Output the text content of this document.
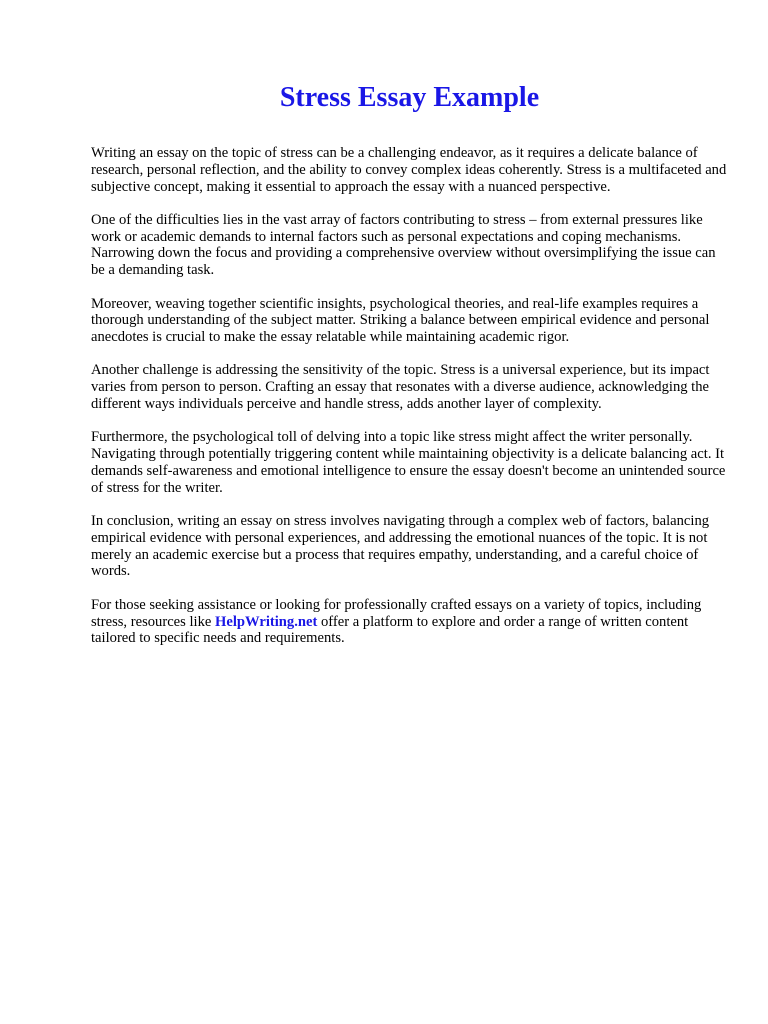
Stress Essay Example

Writing an essay on the topic of stress can be a challenging endeavor, as it requires a delicate balance of research, personal reflection, and the ability to convey complex ideas coherently. Stress is a multifaceted and subjective concept, making it essential to approach the essay with a nuanced perspective.

One of the difficulties lies in the vast array of factors contributing to stress – from external pressures like work or academic demands to internal factors such as personal expectations and coping mechanisms. Narrowing down the focus and providing a comprehensive overview without oversimplifying the issue can be a demanding task.

Moreover, weaving together scientific insights, psychological theories, and real-life examples requires a thorough understanding of the subject matter. Striking a balance between empirical evidence and personal anecdotes is crucial to make the essay relatable while maintaining academic rigor.

Another challenge is addressing the sensitivity of the topic. Stress is a universal experience, but its impact varies from person to person. Crafting an essay that resonates with a diverse audience, acknowledging the different ways individuals perceive and handle stress, adds another layer of complexity.

Furthermore, the psychological toll of delving into a topic like stress might affect the writer personally. Navigating through potentially triggering content while maintaining objectivity is a delicate balancing act. It demands self-awareness and emotional intelligence to ensure the essay doesn't become an unintended source of stress for the writer.

In conclusion, writing an essay on stress involves navigating through a complex web of factors, balancing empirical evidence with personal experiences, and addressing the emotional nuances of the topic. It is not merely an academic exercise but a process that requires empathy, understanding, and a careful choice of words.

For those seeking assistance or looking for professionally crafted essays on a variety of topics, including stress, resources like HelpWriting.net offer a platform to explore and order a range of written content tailored to specific needs and requirements.
